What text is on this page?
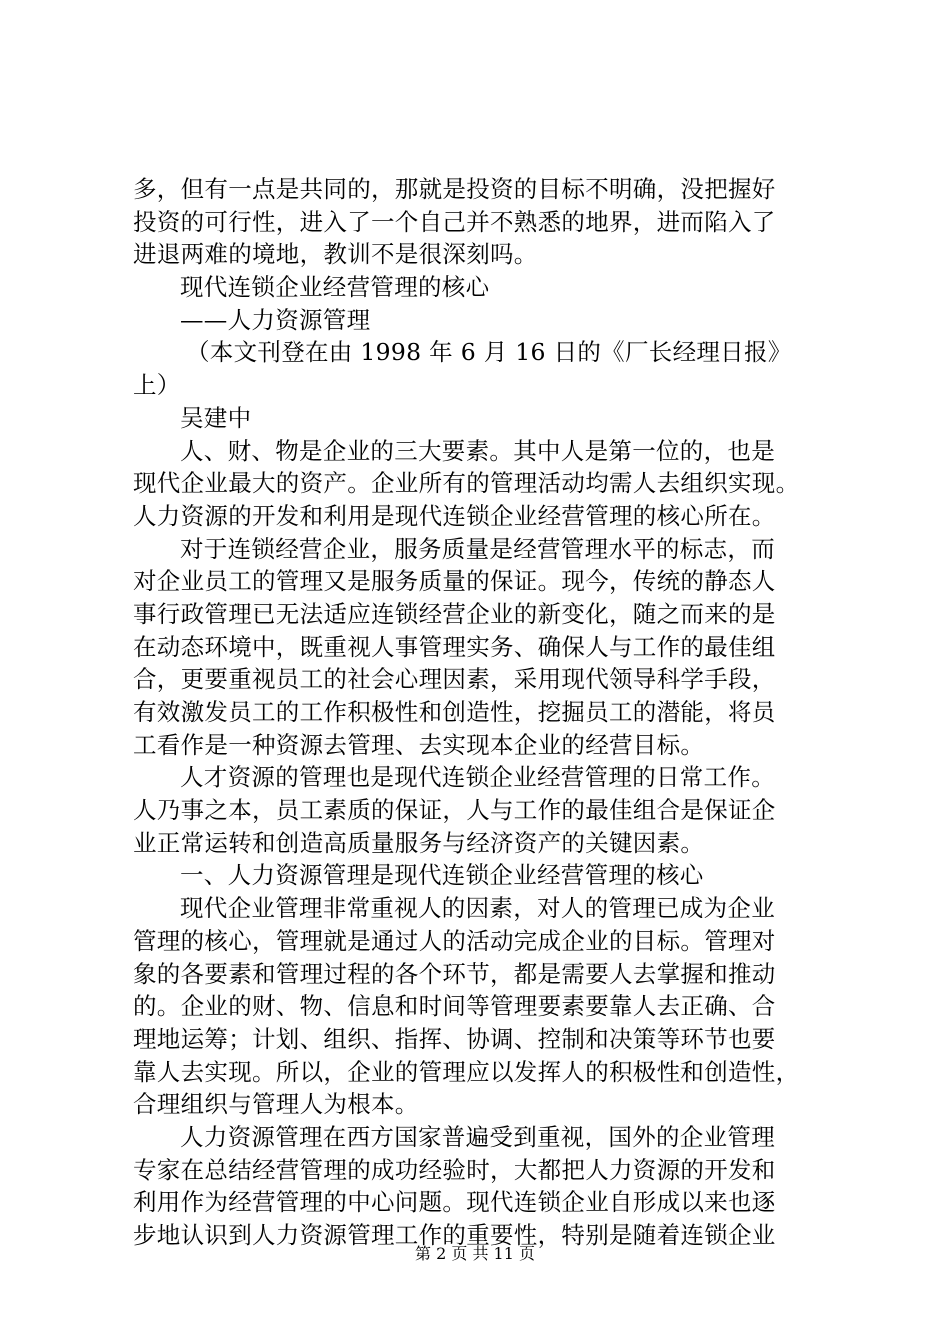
多，但有一点是共同的，那就是投资的目标不明确，没把握好
投资的可行性，进入了一个自己并不熟悉的地界，进而陷入了
进退两难的境地，教训不是很深刻吗。
现代连锁企业经营管理的核心
——人力资源管理
（本文刊登在由 1998 年 6 月 16 日的《厂长经理日报》
上）
吴建中
人、财、物是企业的三大要素。其中人是第一位的，也是
现代企业最大的资产。企业所有的管理活动均需人去组织实现。
人力资源的开发和利用是现代连锁企业经营管理的核心所在。
对于连锁经营企业，服务质量是经营管理水平的标志，而
对企业员工的管理又是服务质量的保证。现今，传统的静态人
事行政管理已无法适应连锁经营企业的新变化，随之而来的是
在动态环境中，既重视人事管理实务、确保人与工作的最佳组
合，更要重视员工的社会心理因素，采用现代领导科学手段，
有效激发员工的工作积极性和创造性，挖掘员工的潜能，将员
工看作是一种资源去管理、去实现本企业的经营目标。
人才资源的管理也是现代连锁企业经营管理的日常工作。
人乃事之本，员工素质的保证，人与工作的最佳组合是保证企
业正常运转和创造高质量服务与经济资产的关键因素。
一、人力资源管理是现代连锁企业经营管理的核心
现代企业管理非常重视人的因素，对人的管理已成为企业
管理的核心，管理就是通过人的活动完成企业的目标。管理对
象的各要素和管理过程的各个环节，都是需要人去掌握和推动
的。企业的财、物、信息和时间等管理要素要靠人去正确、合
理地运筹；计划、组织、指挥、协调、控制和决策等环节也要
靠人去实现。所以，企业的管理应以发挥人的积极性和创造性，
合理组织与管理人为根本。
人力资源管理在西方国家普遍受到重视，国外的企业管理
专家在总结经营管理的成功经验时，大都把人力资源的开发和
利用作为经营管理的中心问题。现代连锁企业自形成以来也逐
步地认识到人力资源管理工作的重要性，特别是随着连锁企业
第 2 页 共 11 页
